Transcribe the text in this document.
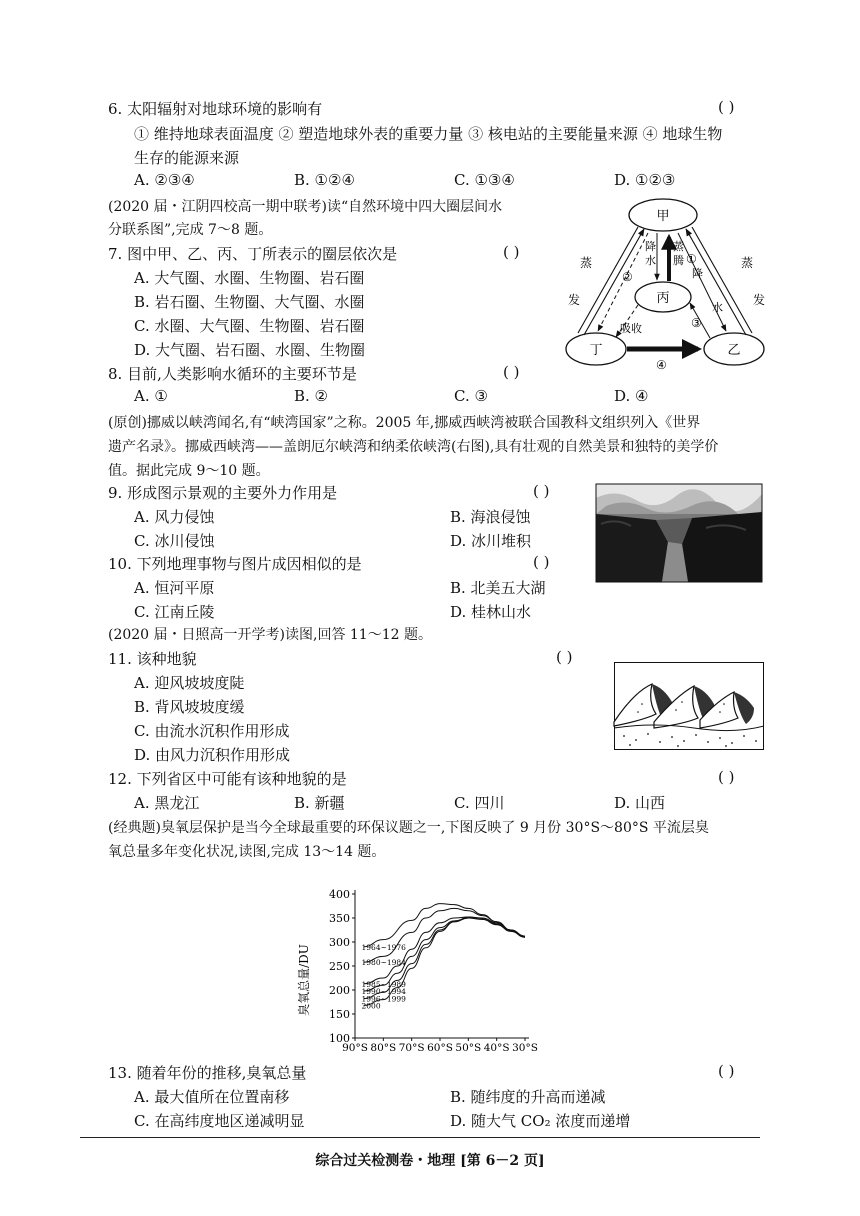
6. 太阳辐射对地球环境的影响有	( )
① 维持地球表面温度 ② 塑造地球外表的重要力量 ③ 核电站的主要能量来源 ④ 地球生物
生存的能源来源
A. ②③④	B. ①②④	C. ①③④	D. ①②③
(2020 届・江阴四校高一期中联考)读“自然环境中四大圈层间水
分联系图”,完成 7～8 题。
7. 图中甲、乙、丙、丁所表示的圈层依次是	( )
A. 大气圈、水圈、生物圈、岩石圈
B. 岩石圈、生物圈、大气圈、水圈
C. 水圈、大气圈、生物圈、岩石圈
D. 大气圈、岩石圈、水圈、生物圈
8. 目前,人类影响水循环的主要环节是	( )
A. ①	B. ②	C. ③	D. ④
甲
丙
丁	乙
蒸
发
蒸
发
降
水
蒸
腾 ①
降
水
②
③
吸收
④
(原创)挪威以峡湾闻名,有“峡湾国家”之称。2005 年,挪威西峡湾被联合国教科文组织列入《世界
遗产名录》。挪威西峡湾——盖朗厄尔峡湾和纳柔依峡湾(右图),具有壮观的自然美景和独特的美学价
值。据此完成 9～10 题。
9. 形成图示景观的主要外力作用是	( )
A. 风力侵蚀	B. 海浪侵蚀
C. 冰川侵蚀	D. 冰川堆积
10. 下列地理事物与图片成因相似的是	( )
A. 恒河平原	B. 北美五大湖
C. 江南丘陵	D. 桂林山水
(2020 届・日照高一开学考)读图,回答 11～12 题。
11. 该种地貌	( )
A. 迎风坡坡度陡
B. 背风坡坡度缓
C. 由流水沉积作用形成
D. 由风力沉积作用形成
12. 下列省区中可能有该种地貌的是	( )
A. 黑龙江	B. 新疆	C. 四川	D. 山西
(经典题)臭氧层保护是当今全球最重要的环保议题之一,下图反映了 9 月份 30°S～80°S 平流层臭
氧总量多年变化状况,读图,完成 13～14 题。
100
150
200
250
300
350
400
90°S 80°S 70°S 60°S 50°S 40°S 30°S
1964~1976
1980~1984
1985~1989
1990~1994
1996~1999
2000
臭氧总量/DU
13. 随着年份的推移,臭氧总量	( )
A. 最大值所在位置南移	B. 随纬度的升高而递减
C. 在高纬度地区递减明显	D. 随大气 CO₂ 浓度而递增
综合过关检测卷・地理 [第 6－2 页]
